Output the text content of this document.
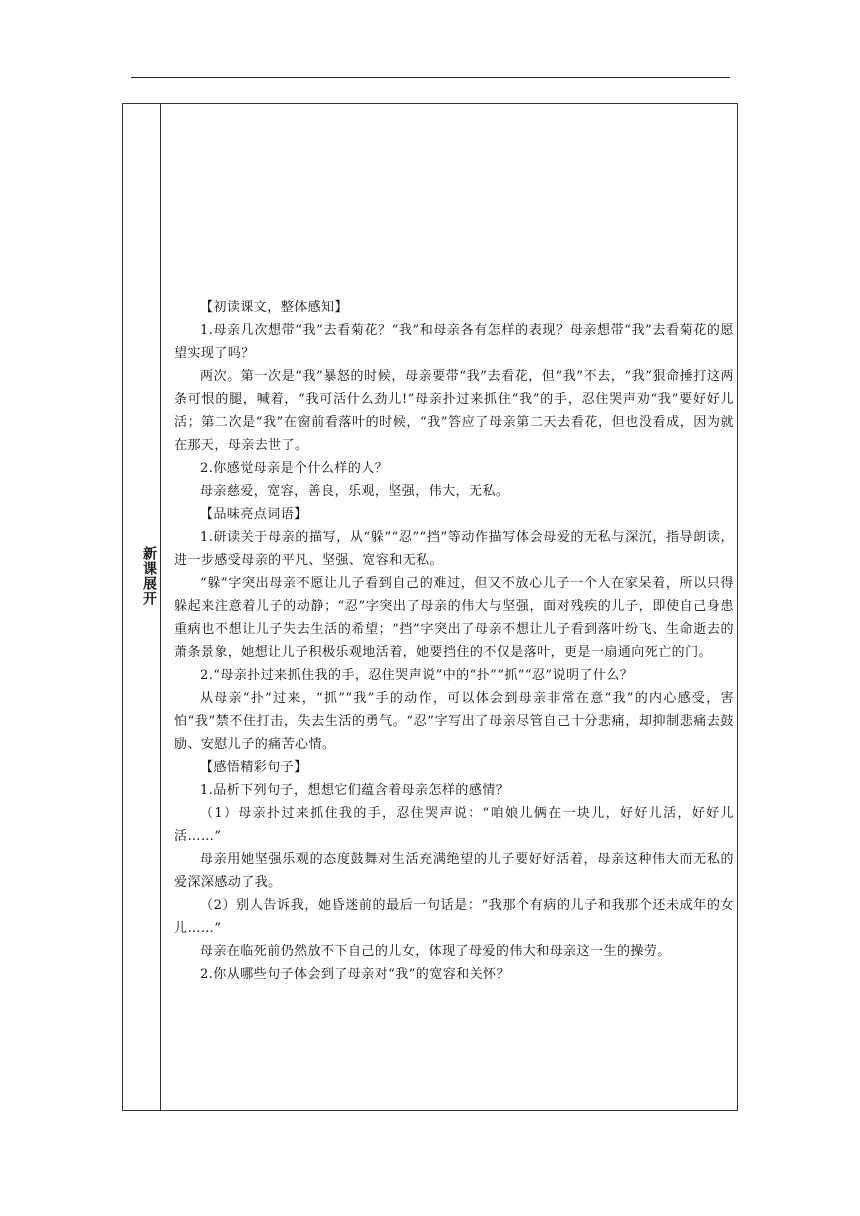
新课展开

【初读课文，整体感知】

1.母亲几次想带“我”去看菊花？“我”和母亲各有怎样的表现？母亲想带“我”去看菊花的愿望实现了吗？

两次。第一次是“我”暴怒的时候，母亲要带“我”去看花，但“我”不去，“我”狠命捶打这两条可恨的腿，喊着，“我可活什么劲儿!”母亲扑过来抓住“我”的手，忍住哭声劝“我”要好好儿活；第二次是“我”在窗前看落叶的时候，“我”答应了母亲第二天去看花，但也没看成，因为就在那天，母亲去世了。

2.你感觉母亲是个什么样的人？

母亲慈爱，宽容，善良，乐观，坚强，伟大，无私。

【品味亮点词语】

1.研读关于母亲的描写，从“躲”“忍”“挡”等动作描写体会母爱的无私与深沉，指导朗读，进一步感受母亲的平凡、坚强、宽容和无私。

“躲”字突出母亲不愿让儿子看到自己的难过，但又不放心儿子一个人在家呆着，所以只得躲起来注意着儿子的动静；“忍”字突出了母亲的伟大与坚强，面对残疾的儿子，即使自己身患重病也不想让儿子失去生活的希望；“挡”字突出了母亲不想让儿子看到落叶纷飞、生命逝去的萧条景象，她想让儿子积极乐观地活着，她要挡住的不仅是落叶，更是一扇通向死亡的门。

2.“母亲扑过来抓住我的手，忍住哭声说”中的“扑”“抓”“忍”说明了什么？

从母亲“扑”过来，“抓”“我”手的动作，可以体会到母亲非常在意“我”的内心感受，害怕“我”禁不住打击，失去生活的勇气。“忍”字写出了母亲尽管自己十分悲痛，却抑制悲痛去鼓励、安慰儿子的痛苦心情。

【感悟精彩句子】

1.品析下列句子，想想它们蕴含着母亲怎样的感情？

（1）母亲扑过来抓住我的手，忍住哭声说：“咱娘儿俩在一块儿，好好儿活，好好儿活……”

母亲用她坚强乐观的态度鼓舞对生活充满绝望的儿子要好好活着，母亲这种伟大而无私的爱深深感动了我。

（2）别人告诉我，她昏迷前的最后一句话是：“我那个有病的儿子和我那个还未成年的女儿……”

母亲在临死前仍然放不下自己的儿女，体现了母爱的伟大和母亲这一生的操劳。

2.你从哪些句子体会到了母亲对“我”的宽容和关怀？
